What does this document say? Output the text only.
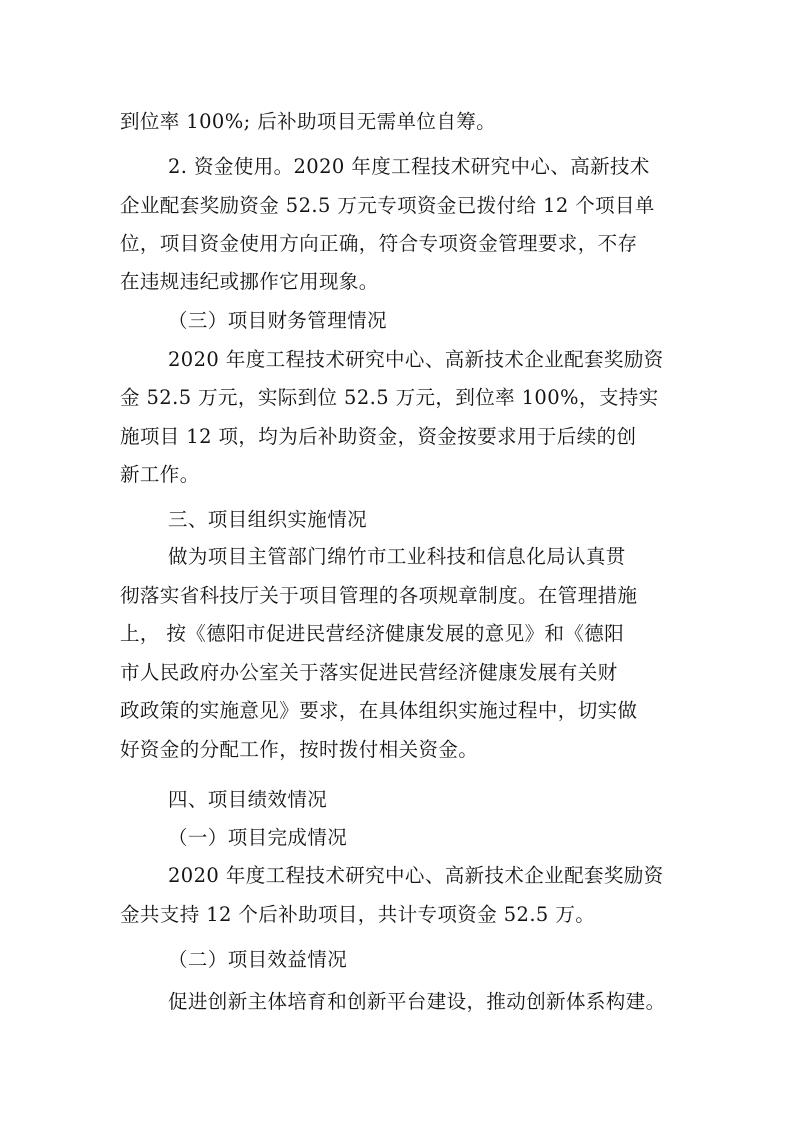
到位率 100%; 后补助项目无需单位自筹。
2. 资金使用。2020 年度工程技术研究中心、高新技术
企业配套奖励资金 52.5 万元专项资金已拨付给 12 个项目单
位，项目资金使用方向正确，符合专项资金管理要求，不存
在违规违纪或挪作它用现象。
（三）项目财务管理情况
2020 年度工程技术研究中心、高新技术企业配套奖励资
金 52.5 万元，实际到位 52.5 万元，到位率 100%，支持实
施项目 12 项，均为后补助资金，资金按要求用于后续的创
新工作。
三、项目组织实施情况
做为项目主管部门绵竹市工业科技和信息化局认真贯
彻落实省科技厅关于项目管理的各项规章制度。在管理措施
上， 按《德阳市促进民营经济健康发展的意见》和《德阳
市人民政府办公室关于落实促进民营经济健康发展有关财
政政策的实施意见》要求，在具体组织实施过程中，切实做
好资金的分配工作，按时拨付相关资金。
四、项目绩效情况
（一）项目完成情况
2020 年度工程技术研究中心、高新技术企业配套奖励资
金共支持 12 个后补助项目，共计专项资金 52.5 万。
（二）项目效益情况
促进创新主体培育和创新平台建设，推动创新体系构建。
